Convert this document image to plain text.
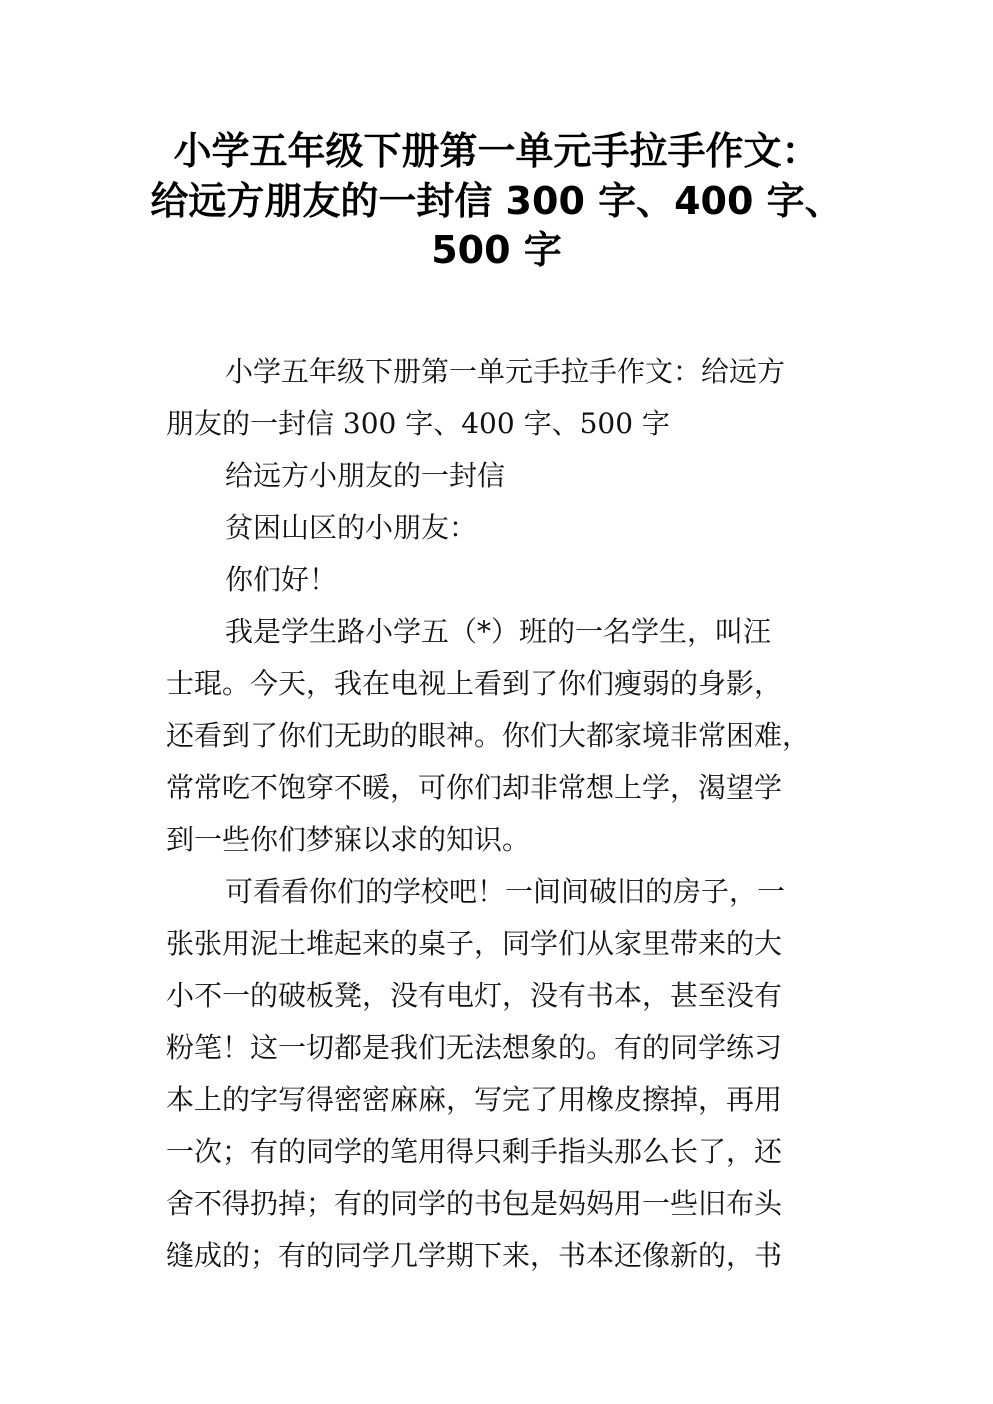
小学五年级下册第一单元手拉手作文：
给远方朋友的一封信 300 字、400 字、
500 字
小学五年级下册第一单元手拉手作文：给远方
朋友的一封信 300 字、400 字、500 字
给远方小朋友的一封信
贫困山区的小朋友：
你们好！
我是学生路小学五（*）班的一名学生，叫汪
士琨。今天，我在电视上看到了你们瘦弱的身影，
还看到了你们无助的眼神。你们大都家境非常困难，
常常吃不饱穿不暖，可你们却非常想上学，渴望学
到一些你们梦寐以求的知识。
可看看你们的学校吧！一间间破旧的房子，一
张张用泥土堆起来的桌子，同学们从家里带来的大
小不一的破板凳，没有电灯，没有书本，甚至没有
粉笔！这一切都是我们无法想象的。有的同学练习
本上的字写得密密麻麻，写完了用橡皮擦掉，再用
一次；有的同学的笔用得只剩手指头那么长了，还
舍不得扔掉；有的同学的书包是妈妈用一些旧布头
缝成的；有的同学几学期下来，书本还像新的，书
